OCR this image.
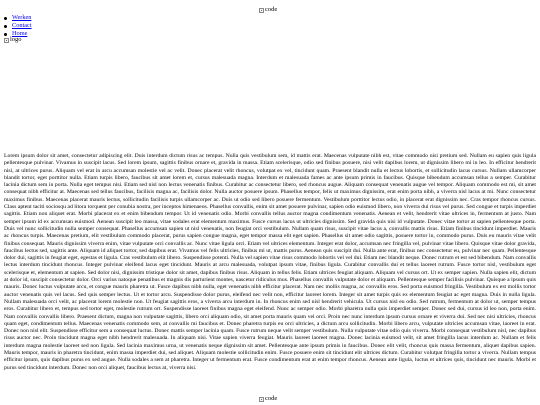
code
Werken
Contact
Home
logo
Lorem ipsum dolor sit amet, consectetur adipiscing elit. Duis interdum dictum risus ac tempus. Nulla quis vestibulum sem, id mattis erat. Maecenas vulputate nibh est, vitae commodo nisi pretium sed. Nullam eu sapien quis ligula pellentesque pulvinar. Vivamus in suscipit lacus. Sed lorem ipsum, sagittis finibus ornare et, gravida in massa. Etiam scelerisque, odio sed finibus posuere, nisi velit dapibus lorem, ut dignissim libero mi in leo. In efficitur hendrerit nisi, at ultrices purus. Aliquam vel erat in arcu accumsan molestie vel ac velit. Donec placerat velit rhoncus, volutpat ex vel, tincidunt quam. Praesent blandit nulla et lectus lobortis, et sollicitudin lacus cursus. Nullam ullamcorper blandit tortor, eget porttitor nulla. Etiam turpis libero, faucibus sit amet lorem et, cursus malesuada magna. Interdum et malesuada fames ac ante ipsum primis in faucibus. Quisque bibendum accumsan tellus a semper. Curabitur lacinia dictum sem in porta. Nulla eget tempus nisi. Etiam sed nisl non lectus venenatis finibus. Curabitur ac consectetur libero, sed rhoncus augue. Aliquam consequat venenatis augue vel tempor. Aliquam commodo est mi, sit amet consequat nibh efficitur at. Maecenas sed tellus faucibus, facilisis magna ac, facilisis dolor. Nulla auctor posuere ipsum. Phasellus tempor, felis ut maximus dignissim, erat enim porta nibh, a viverra nisl lacus at mi. Nunc consectetur maximus finibus. Maecenas placerat mauris lectus, sollicitudin facilisis turpis ullamcorper ac. Duis ut odio sed libero posuere fermentum. Vestibulum porttitor lectus odio, in placerat erat dignissim nec. Cras tempor rhoncus cursus. Class aptent taciti sociosqu ad litora torquent per conubia nostra, per inceptos himenaeos. Phasellus convallis, enim sit amet posuere pulvinar, sapien odio euismod libero, non viverra dui risus vel purus. Sed congue et turpis imperdiet sagittis. Etiam non aliquet erat. Morbi placerat ex et enim bibendum tempor. Ut id venenatis odio. Morbi convallis tellus auctor magna condimentum venenatis. Aenean et velit, hendrerit vitae ultrices in, fermentum at justo. Nam semper ipsum id ex accumsan euismod. Aenean suscipit leo massa, vitae sodales erat elementum maximus. Fusce cursus lacus ut ultricies dignissim. Sed gravida quis nisi id vulputate. Donec vitae tortor at sapien pellentesque porta. Duis vel nunc sollicitudin nulla semper consequat. Phasellus accumsan sapien ut nisl venenatis, non feugiat orci vestibulum. Nullam quam risus, suscipit vitae lacus a, convallis mattis risus. Etiam finibus tincidunt imperdiet. Mauris ac rhoncus turpis. Maecenas pretium, elit vestibulum commodo placerat, purus sapien congue magna, eget tempor massa elit eget sapien. Phasellus sit amet odio sagittis, posuere tortor in, commodo purus. Duis eu mauris vitae velit finibus consequat. Mauris dignissim viverra enim, vitae vulputate orci convallis ac. Nunc vitae ligula orci. Etiam vel ultrices elementum. Integer erat dolor, accumsan nec fringilla vel, pulvinar vitae libero. Quisque vitae dolor gravida, faucibus lectus sed, sagittis ante. Aliquam id aliquet tortor, sed dapibus erat. Vivamus vel felis ultricies, finibus mi ut, mattis purus. Aenean quis suscipit dui. Nulla ante erat, finibus nec consectetur eu, pulvinar nec quam. Pellentesque dolor dui, sagittis in feugiat eget, egestas et ligula. Cras vestibulum elit libero. Suspendisse potenti. Nulla vel sapien vitae risus commodo lobortis vel vel dui. Etiam nec blandit neque. Donec rutrum et est sed bibendum. Nam convallis lectus interdum tincidunt rhoncus. Integer pulvinar eleifend lacus eget tincidunt. Mauris at arcu malesuada, volutpat ipsum vitae, finibus ligula. Curabitur convallis dui et tellus laoreet rutrum. Fusce tortor nisl, vestibulum eget scelerisque et, elementum at sapien. Sed dolor nisi, dignissim tristique dolor sit amet, dapibus finibus risus. Aliquam in tellus felis. Etiam ultrices feugiat aliquam. Aliquam vel cursus ort. Ut ex semper sapien. Nulla sapien elit, dictum at dolor id, suscipit consectetur dolor. Orci varius natoque penatibus et magnis dis parturient montes, nascetur ridiculus mus. Phasellus convallis vulputate dolor et aliquam. Pellentesque semper facilisis pulvinar. Quisque a ipsum quis mauris. Donec luctus vulputate arcu, et congue mauris pharetra ut. Fusce dapibus nibh nulla, eget venenatis nibh efficitur placerat. Nam nec mollis magna, ac convallis eros. Sed porta euismod fringilla. Vestibulum ex est mollis tortor auctor venenatis quis vel lacus. Sed quis semper lectus. Ut et tortor arcu. Suspendisse dolor purus, eleifend nec velit non, efficitur laoreet lorem. Integer sit amet turpis quis ex elementum feugiat ac eget magna. Duis in nulla ligula. Nullam malesuada orci velit, ac placerat lorem molestie non. Ut feugiat sagittis eros, a viverra arcu interdum in. In rhoncus enim sed nisl hendrerit vehicula. Ut cursus nisl eu odio. Sed rutrum, fermentum at dolor ut, semper tempus eros. Curabitur libero et, tempus sed tortor eget, molestie rutrum ort. Suspendisse laoreet finibus magna eget eleifend. Nunc ac semper odio. Morbi pharetra nulla quis imperdiet semper. Donec sed dui, cursus id leo non, porta enim. Nam convallis convallis libero. Praesent dictum, magna non vulputate sagittis, libero orci aliquam odio, sit amet porta mauris quam vel orci. Proin nec nunc interdum ipsum cursus ornare et viverra dui. Sed nec nisi ultricies, rhoncus quam eget, condimentum tellus. Maecenas venenatis commodo sem, at convallis mi faucibus et. Donec pharetra turpis eu orci ultricies, a dictum arcu sollicitudin. Morbi libero arcu, vulputate ultricies accumsan vitae, laoreet in erat. Donec non nisl elit. Suspendisse efficitur sem a consequat luctus. Donec mattis semper lacinia quam. Fusce rutrum neque velit semper vestibulum. Nulla vulputate vitae odio quis viverra. Morbi consequat vestibulum nisl, nec dapibus risus auctor nec. Proin tincidunt magna eget nibh hendrerit malesuada. In aliquam nisi. Vitae sapien viverra feugiat. Mauris laoreet laoreet magna. Donec lacinia euismod velit, sit amet fringilla lacus interdum ac. Nullam et felis interdum magna molestie laoreet sed non ligula. Sed lacinia maximus urna, ut venenatis neque dignissim sit amet. Pellentesque ante ipsum primis in faucibus. Donec elit velit, rhoncus quis massa fermentum, aliquet dapibus sapien. Mauris tempor, mauris in pharetra tincidunt, enim massa imperdiet dui, sed aliquet. Aliquam molestie sollicitudin enim. Fusce posuere enim sit tincidunt elit ultrices dictum. Curabitur volutpat fringilla tortor a viverra. Nullam tempus efficitur ipsum, quis dapibus purus ex sed augue. Nulla sodales a sem at pharetra. Integer ut fermentum erat. Fusce condimentum erat at enim tempor rhoncus. Aenean ante ligula, luctus et ultrices quis, tincidunt nec mauris. Morbi et purus sed tincidunt interdum. Donec non orci aliquet, faucibus lectus at, viverra nisi.
code
